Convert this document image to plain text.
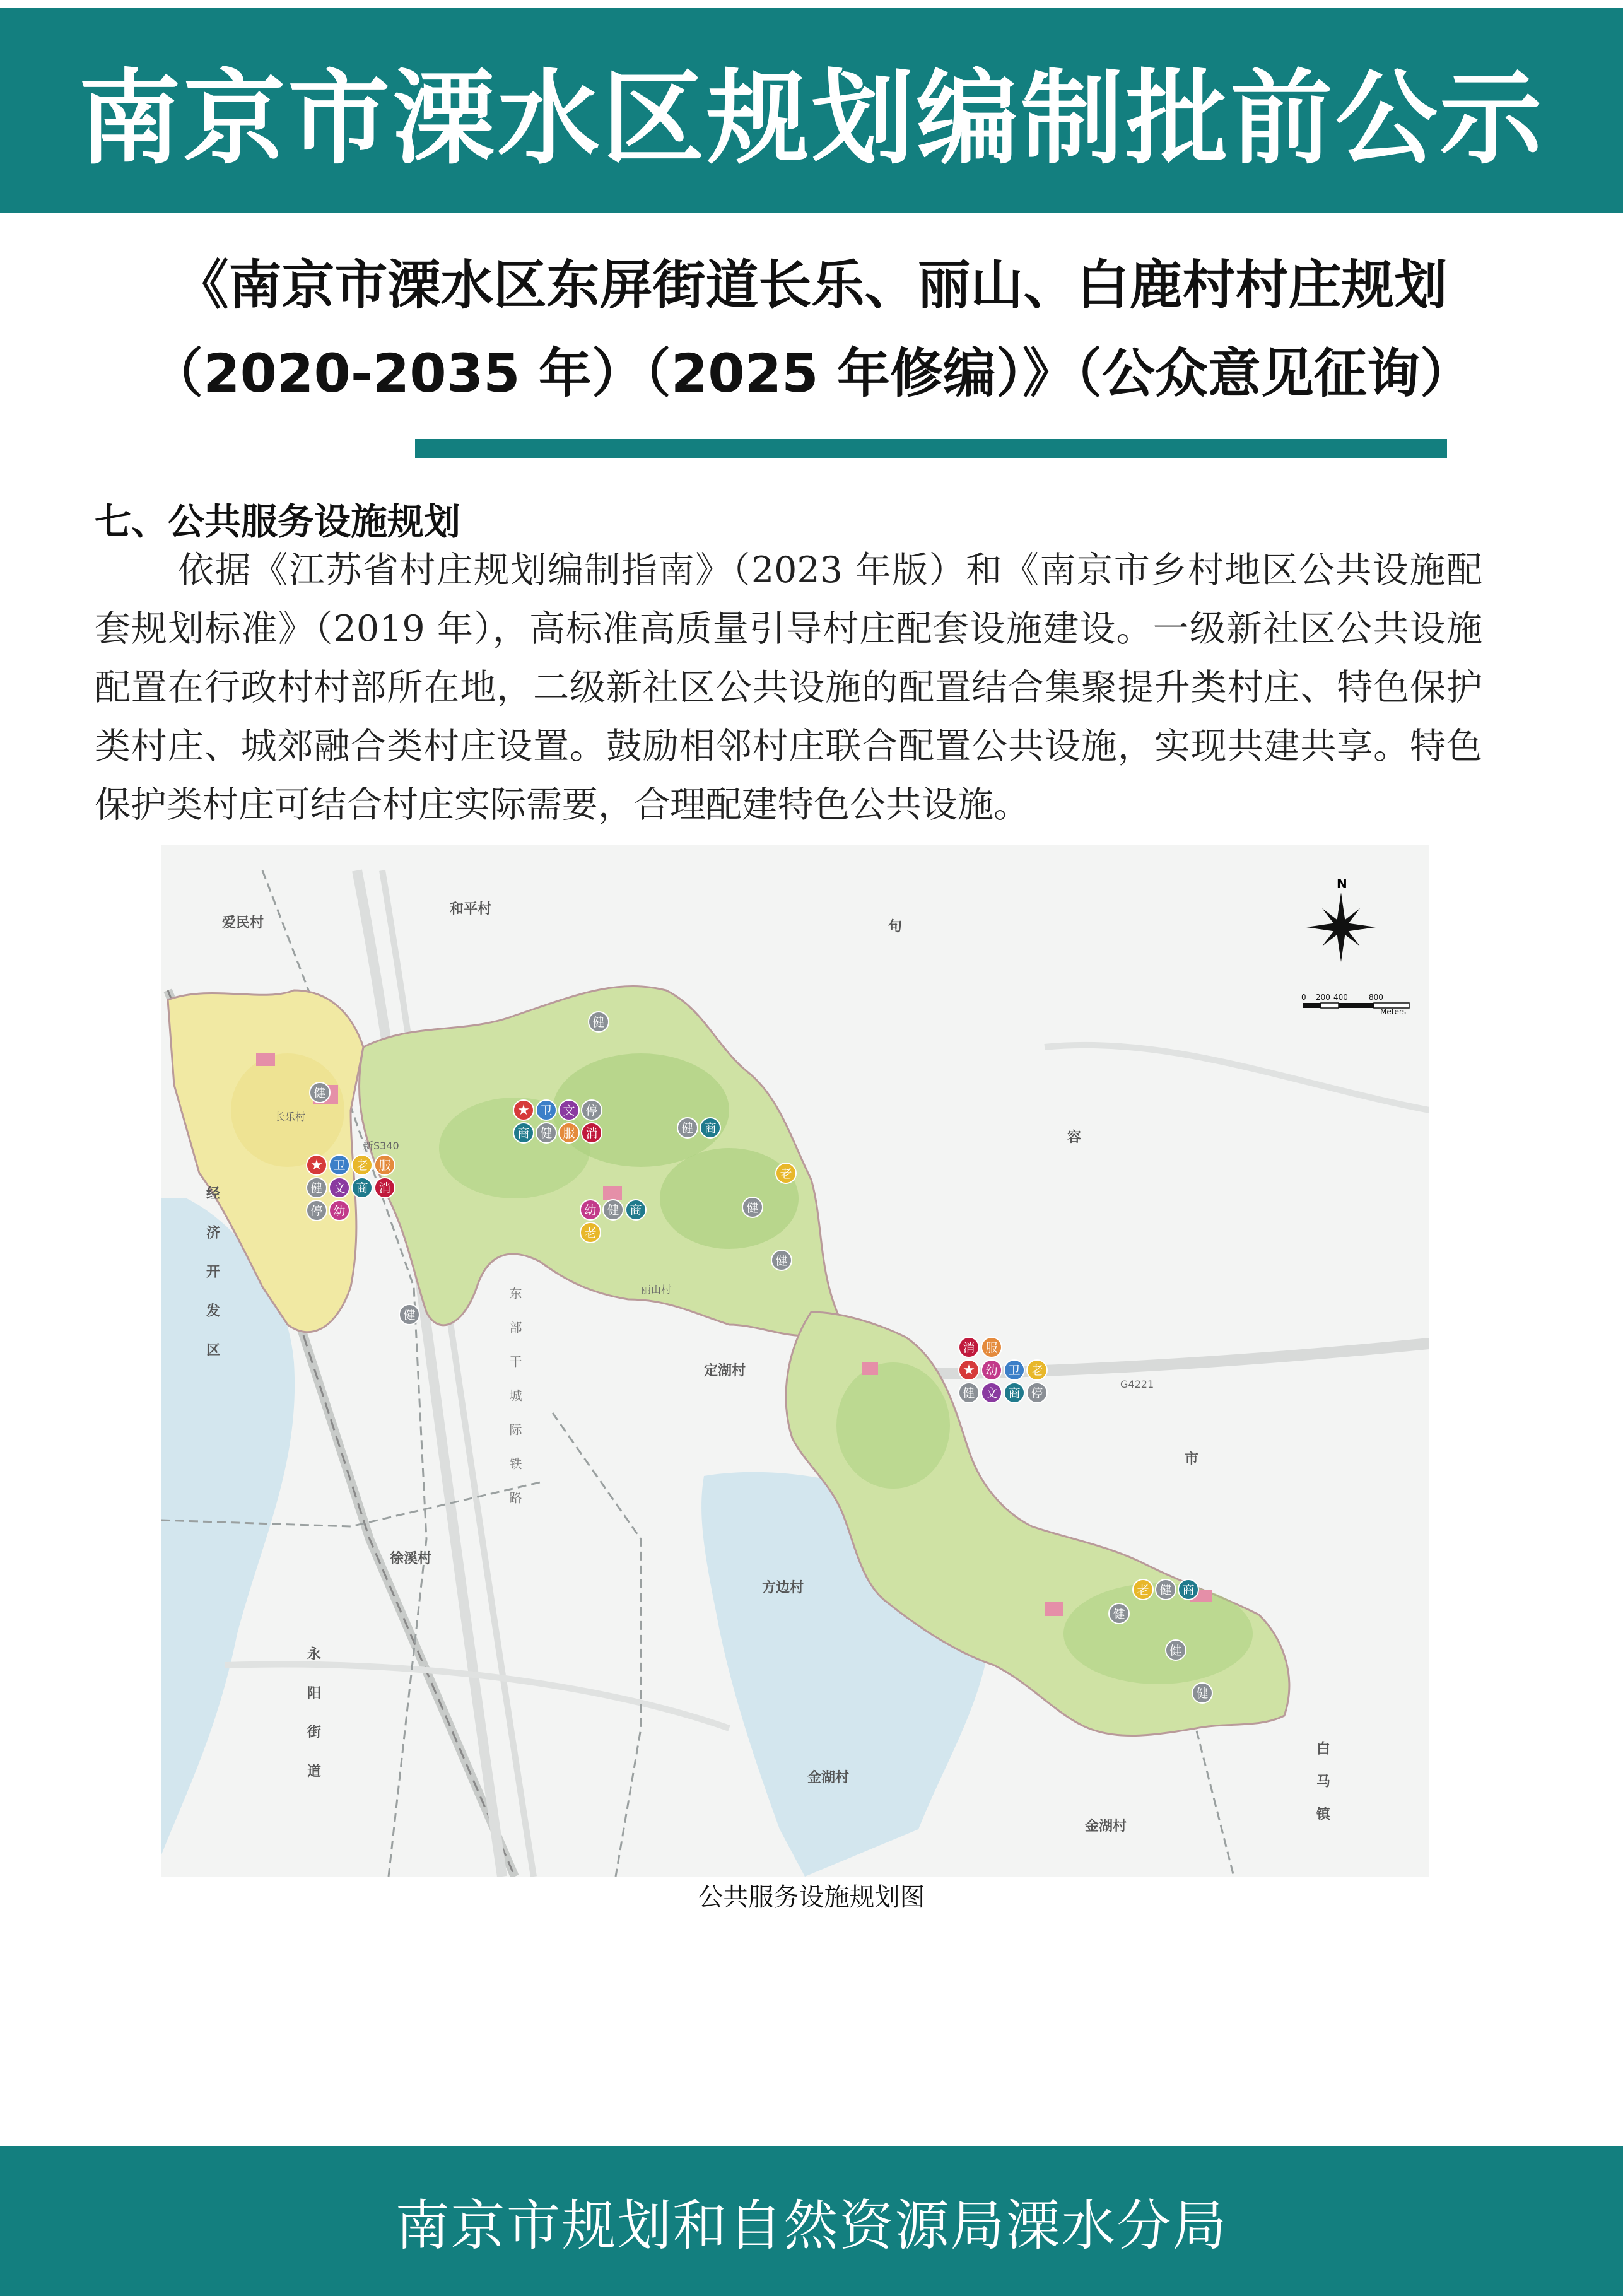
南京市溧水区规划编制批前公示
《南京市溧水区东屏街道长乐、丽山、白鹿村村庄规划
（2020-2035 年）（2025 年修编）》（公众意见征询）
七、公共服务设施规划
依据《江苏省村庄规划编制指南》（2023 年版）和《南京市乡村地区公共设施配套规划标准》（2019 年），高标准高质量引导村庄配套设施建设。一级新社区公共设施配置在行政村村部所在地，二级新社区公共设施的配置结合集聚提升类村庄、特色保护类村庄、城郊融合类村庄设置。鼓励相邻村庄联合配置公共设施，实现共建共享。特色保护类村庄可结合村庄实际需要，合理配建特色公共设施。
和平村
爱民村	句
容
定湖村
市
方边村
徐溪村
金湖村
金湖村
长乐村
新S340
丽山村
G4221
经济开发区
永阳街道	白马镇
东部干城际铁路
N
0 200 400	800
Meters
★ 卫 老 服
健 文 商 消
停 幼
健
健
★ 卫 文 停
商 健 服 消
健
健 商
老
健
健
幼 健 商
老
消 服
★ 幼 卫 老
健 文 商 停
老 健 商
健
健
健
公共服务设施规划图
南京市规划和自然资源局溧水分局
